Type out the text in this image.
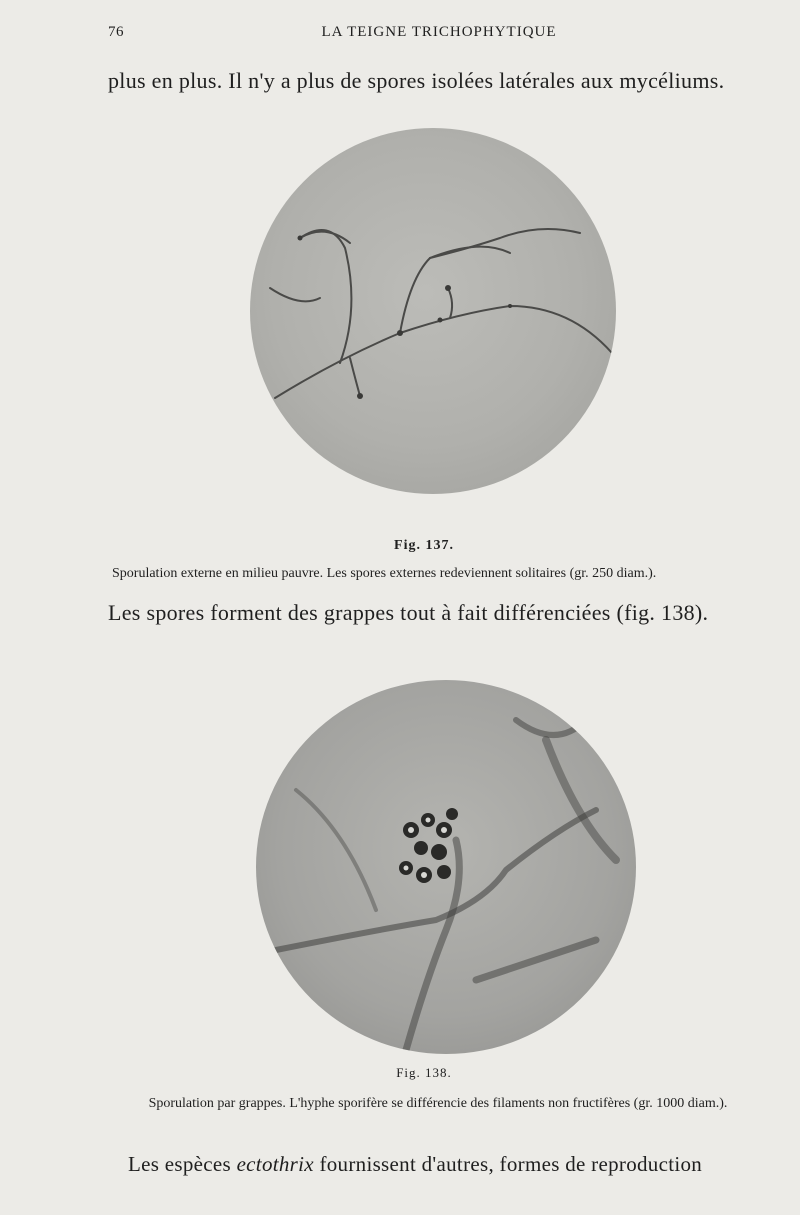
76	LA TEIGNE TRICHOPHYTIQUE
plus en plus. Il n'y a plus de spores isolées latérales aux mycéliums.
Fig. 137.
Sporulation externe en milieu pauvre. Les spores externes redeviennent solitaires (gr. 250 diam.).
Les spores forment des grappes tout à fait différenciées (fig. 138).
Fig. 138.
Sporulation par grappes. L'hyphe sporifère se différencie des filaments non fructifères (gr. 1000 diam.).
Les espèces ectothrix fournissent d'autres, formes de reproduction
